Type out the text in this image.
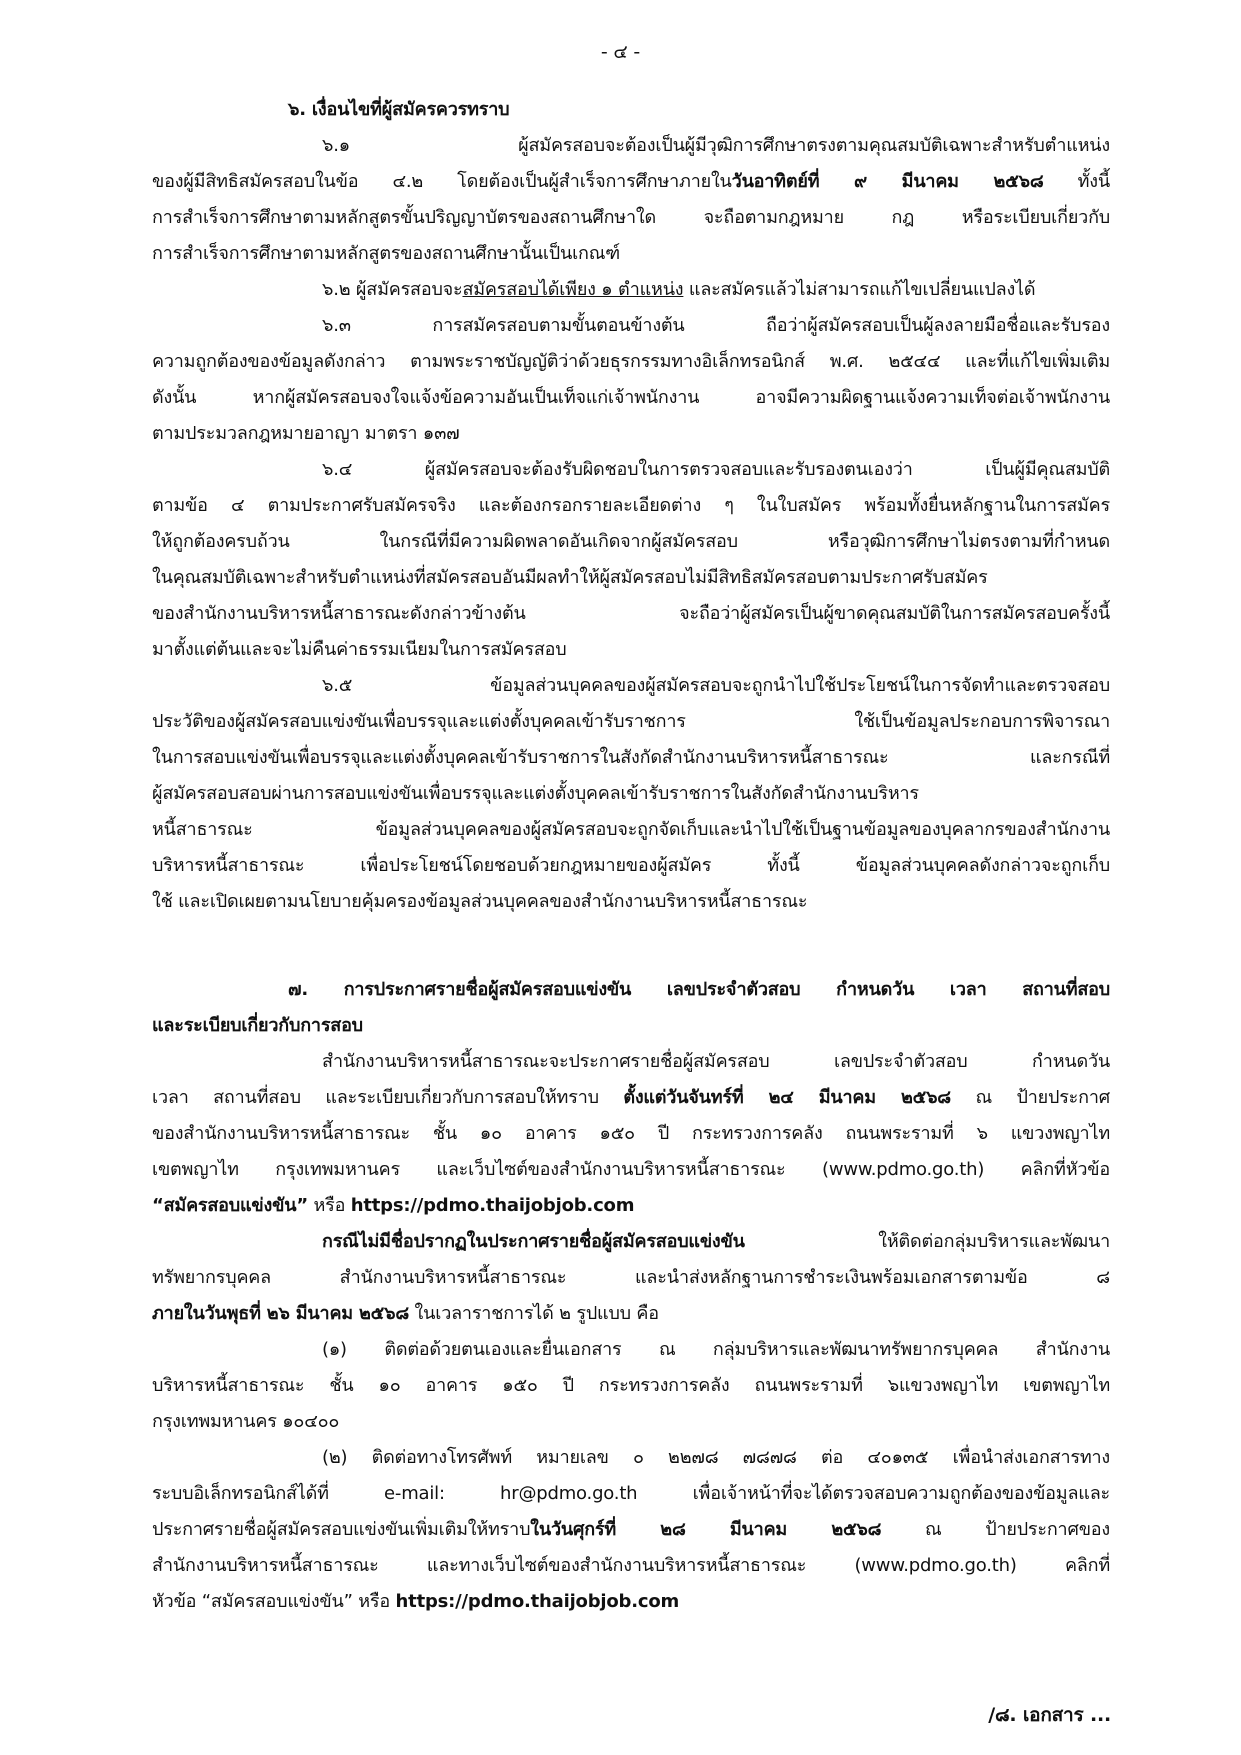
- ๔ -
๖. เงื่อนไขที่ผู้สมัครควรทราบ
๖.๑ ผู้สมัครสอบจะต้องเป็นผู้มีวุฒิการศึกษาตรงตามคุณสมบัติเฉพาะสำหรับตำแหน่ง
ของผู้มีสิทธิสมัครสอบในข้อ ๔.๒ โดยต้องเป็นผู้สำเร็จการศึกษาภายในวันอาทิตย์ที่ ๙ มีนาคม ๒๕๖๘ ทั้งนี้
การสำเร็จการศึกษาตามหลักสูตรขั้นปริญญาบัตรของสถานศึกษาใด จะถือตามกฎหมาย กฎ หรือระเบียบเกี่ยวกับ
การสำเร็จการศึกษาตามหลักสูตรของสถานศึกษานั้นเป็นเกณฑ์
๖.๒ ผู้สมัครสอบจะสมัครสอบได้เพียง ๑ ตำแหน่ง และสมัครแล้วไม่สามารถแก้ไขเปลี่ยนแปลงได้
๖.๓ การสมัครสอบตามขั้นตอนข้างต้น ถือว่าผู้สมัครสอบเป็นผู้ลงลายมือชื่อและรับรอง
ความถูกต้องของข้อมูลดังกล่าว ตามพระราชบัญญัติว่าด้วยธุรกรรมทางอิเล็กทรอนิกส์ พ.ศ. ๒๕๔๔ และที่แก้ไขเพิ่มเติม
ดังนั้น หากผู้สมัครสอบจงใจแจ้งข้อความอันเป็นเท็จแก่เจ้าพนักงาน อาจมีความผิดฐานแจ้งความเท็จต่อเจ้าพนักงาน
ตามประมวลกฎหมายอาญา มาตรา ๑๓๗
๖.๔ ผู้สมัครสอบจะต้องรับผิดชอบในการตรวจสอบและรับรองตนเองว่า เป็นผู้มีคุณสมบัติ
ตามข้อ ๔ ตามประกาศรับสมัครจริง และต้องกรอกรายละเอียดต่าง ๆ ในใบสมัคร พร้อมทั้งยื่นหลักฐานในการสมัคร
ให้ถูกต้องครบถ้วน ในกรณีที่มีความผิดพลาดอันเกิดจากผู้สมัครสอบ หรือวุฒิการศึกษาไม่ตรงตามที่กำหนด
ในคุณสมบัติเฉพาะสำหรับตำแหน่งที่สมัครสอบอันมีผลทำให้ผู้สมัครสอบไม่มีสิทธิสมัครสอบตามประกาศรับสมัคร
ของสำนักงานบริหารหนี้สาธารณะดังกล่าวข้างต้น จะถือว่าผู้สมัครเป็นผู้ขาดคุณสมบัติในการสมัครสอบครั้งนี้
มาตั้งแต่ต้นและจะไม่คืนค่าธรรมเนียมในการสมัครสอบ
๖.๕ ข้อมูลส่วนบุคคลของผู้สมัครสอบจะถูกนำไปใช้ประโยชน์ในการจัดทำและตรวจสอบ
ประวัติของผู้สมัครสอบแข่งขันเพื่อบรรจุและแต่งตั้งบุคคลเข้ารับราชการ ใช้เป็นข้อมูลประกอบการพิจารณา
ในการสอบแข่งขันเพื่อบรรจุและแต่งตั้งบุคคลเข้ารับราชการในสังกัดสำนักงานบริหารหนี้สาธารณะ และกรณีที่
ผู้สมัครสอบสอบผ่านการสอบแข่งขันเพื่อบรรจุและแต่งตั้งบุคคลเข้ารับราชการในสังกัดสำนักงานบริหาร
หนี้สาธารณะ ข้อมูลส่วนบุคคลของผู้สมัครสอบจะถูกจัดเก็บและนำไปใช้เป็นฐานข้อมูลของบุคลากรของสำนักงาน
บริหารหนี้สาธารณะ เพื่อประโยชน์โดยชอบด้วยกฎหมายของผู้สมัคร ทั้งนี้ ข้อมูลส่วนบุคคลดังกล่าวจะถูกเก็บ
ใช้ และเปิดเผยตามนโยบายคุ้มครองข้อมูลส่วนบุคคลของสำนักงานบริหารหนี้สาธารณะ
๗. การประกาศรายชื่อผู้สมัครสอบแข่งขัน เลขประจำตัวสอบ กำหนดวัน เวลา สถานที่สอบ
และระเบียบเกี่ยวกับการสอบ
สำนักงานบริหารหนี้สาธารณะจะประกาศรายชื่อผู้สมัครสอบ เลขประจำตัวสอบ กำหนดวัน
เวลา สถานที่สอบ และระเบียบเกี่ยวกับการสอบให้ทราบ ตั้งแต่วันจันทร์ที่ ๒๔ มีนาคม ๒๕๖๘ ณ ป้ายประกาศ
ของสำนักงานบริหารหนี้สาธารณะ ชั้น ๑๐ อาคาร ๑๕๐ ปี กระทรวงการคลัง ถนนพระรามที่ ๖ แขวงพญาไท
เขตพญาไท กรุงเทพมหานคร และเว็บไซต์ของสำนักงานบริหารหนี้สาธารณะ (www.pdmo.go.th) คลิกที่หัวข้อ
“สมัครสอบแข่งขัน” หรือ https://pdmo.thaijobjob.com
กรณีไม่มีชื่อปรากฏในประกาศรายชื่อผู้สมัครสอบแข่งขัน ให้ติดต่อกลุ่มบริหารและพัฒนา
ทรัพยากรบุคคล สำนักงานบริหารหนี้สาธารณะ และนำส่งหลักฐานการชำระเงินพร้อมเอกสารตามข้อ ๘
ภายในวันพุธที่ ๒๖ มีนาคม ๒๕๖๘ ในเวลาราชการได้ ๒ รูปแบบ คือ
(๑) ติดต่อด้วยตนเองและยื่นเอกสาร ณ กลุ่มบริหารและพัฒนาทรัพยากรบุคคล สำนักงาน
บริหารหนี้สาธารณะ ชั้น ๑๐ อาคาร ๑๕๐ ปี กระทรวงการคลัง ถนนพระรามที่ ๖แขวงพญาไท เขตพญาไท
กรุงเทพมหานคร ๑๐๔๐๐
(๒) ติดต่อทางโทรศัพท์ หมายเลข ๐ ๒๒๗๘ ๗๘๗๘ ต่อ ๔๐๑๓๕ เพื่อนำส่งเอกสารทาง
ระบบอิเล็กทรอนิกส์ได้ที่ e-mail: hr@pdmo.go.th เพื่อเจ้าหน้าที่จะได้ตรวจสอบความถูกต้องของข้อมูลและ
ประกาศรายชื่อผู้สมัครสอบแข่งขันเพิ่มเติมให้ทราบในวันศุกร์ที่ ๒๘ มีนาคม ๒๕๖๘ ณ ป้ายประกาศของ
สำนักงานบริหารหนี้สาธารณะ และทางเว็บไซต์ของสำนักงานบริหารหนี้สาธารณะ (www.pdmo.go.th) คลิกที่
หัวข้อ “สมัครสอบแข่งขัน” หรือ https://pdmo.thaijobjob.com
/๘. เอกสาร ...
